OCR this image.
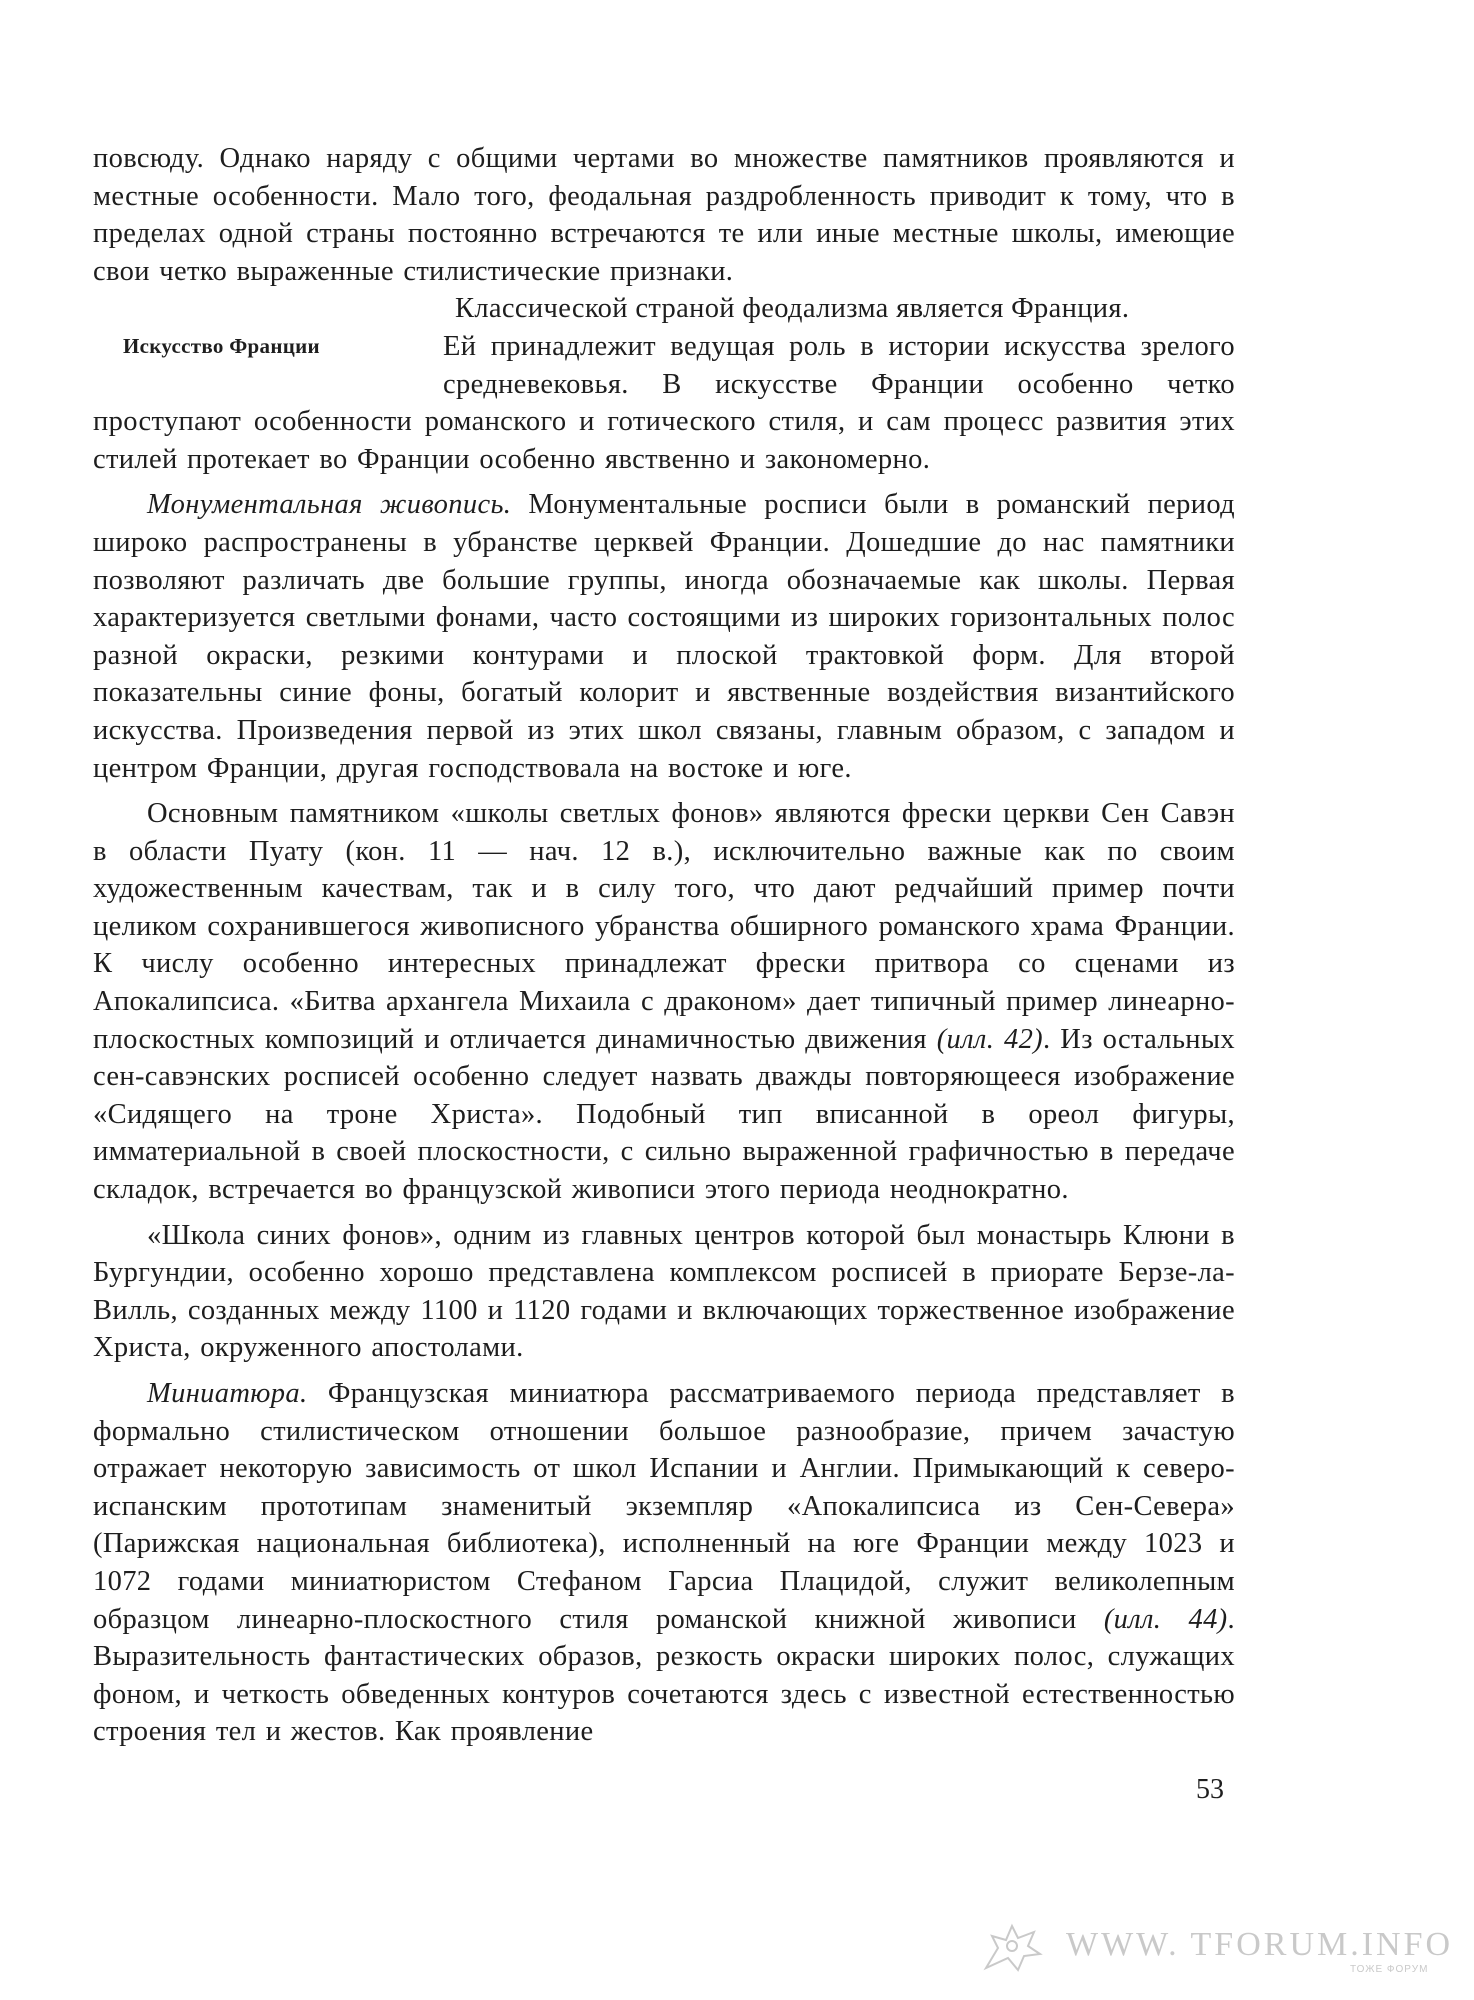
повсюду. Однако наряду с общими чертами во множестве памятников проявляются и местные особенности. Мало того, феодальная раздробленность приводит к тому, что в пределах одной страны постоянно встречаются те или иные местные школы, имеющие свои четко выраженные стилистические признаки.

Классической страной феодализма является Франция.
Искусство Франции	Ей принадлежит ведущая роль в истории искусства зрелого средневековья. В искусстве Франции особенно четко проступают особенности романского и готического стиля, и сам процесс развития этих стилей протекает во Франции особенно явственно и закономерно.

Монументальная живопись. Монументальные росписи были в романский период широко распространены в убранстве церквей Франции. Дошедшие до нас памятники позволяют различать две большие группы, иногда обозначаемые как школы. Первая характеризуется светлыми фонами, часто состоящими из широких горизонтальных полос разной окраски, резкими контурами и плоской трактовкой форм. Для второй показательны синие фоны, богатый колорит и явственные воздействия византийского искусства. Произведения первой из этих школ связаны, главным образом, с западом и центром Франции, другая господствовала на востоке и юге.

Основным памятником «школы светлых фонов» являются фрески церкви Сен Савэн в области Пуату (кон. 11 — нач. 12 в.), исключительно важные как по своим художественным качествам, так и в силу того, что дают редчайший пример почти целиком сохранившегося живописного убранства обширного романского храма Франции. К числу особенно интересных принадлежат фрески притвора со сценами из Апокалипсиса. «Битва архангела Михаила с драконом» дает типичный пример линеарно-плоскостных композиций и отличается динамичностью движения (илл. 42). Из остальных сен-савэнских росписей особенно следует назвать дважды повторяющееся изображение «Сидящего на троне Христа». Подобный тип вписанной в ореол фигуры, имматериальной в своей плоскостности, с сильно выраженной графичностью в передаче складок, встречается во французской живописи этого периода неоднократно.

«Школа синих фонов», одним из главных центров которой был монастырь Клюни в Бургундии, особенно хорошо представлена комплексом росписей в приорате Берзе-ла-Вилль, созданных между 1100 и 1120 годами и включающих торжественное изображение Христа, окруженного апостолами.

Миниатюра. Французская миниатюра рассматриваемого периода представляет в формально стилистическом отношении большое разнообразие, причем зачастую отражает некоторую зависимость от школ Испании и Англии. Примыкающий к северо-испанским прототипам знаменитый экземпляр «Апокалипсиса из Сен-Севера» (Парижская национальная библиотека), исполненный на юге Франции между 1023 и 1072 годами миниатюристом Стефаном Гарсиа Плацидой, служит великолепным образцом линеарно-плоскостного стиля романской книжной живописи (илл. 44). Выразительность фантастических образов, резкость окраски широких полос, служащих фоном, и четкость обведенных контуров сочетаются здесь с известной естественностью строения тел и жестов. Как проявление

53
WWW. TFORUM.INFO
ТОЖЕ ФОРУМ
